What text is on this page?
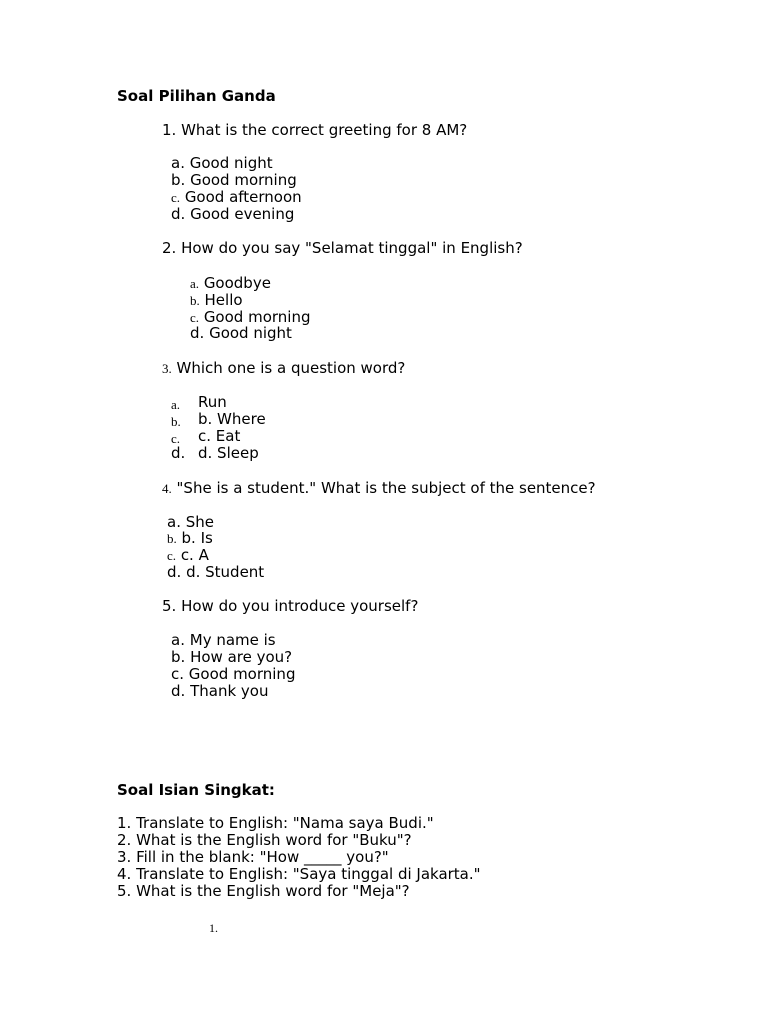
Soal Pilihan Ganda
1.
What is the correct greeting for 8 AM?
a.
Good night
b.
Good morning
c.
Good afternoon
d.
Good evening
2.
How do you say "Selamat tinggal" in English?
a.
Goodbye
b.
Hello
c.
Good morning
d.
Good night
3.
Which one is a question word?
a. Run
b. b. Where
c. c. Eat
d. d. Sleep
4.
"She is a student." What is the subject of the sentence?
a.
She
b.
b. Is
c.
c. A
d.
d. Student
5.
How do you introduce yourself?
a.
My name is
b.
How are you?
c.
Good morning
d.
Thank you
Soal Isian Singkat:
1. Translate to English: "Nama saya Budi."
2. What is the English word for "Buku"?
3. Fill in the blank: "How _____ you?"
4. Translate to English: "Saya tinggal di Jakarta."
5. What is the English word for "Meja"?
1.
